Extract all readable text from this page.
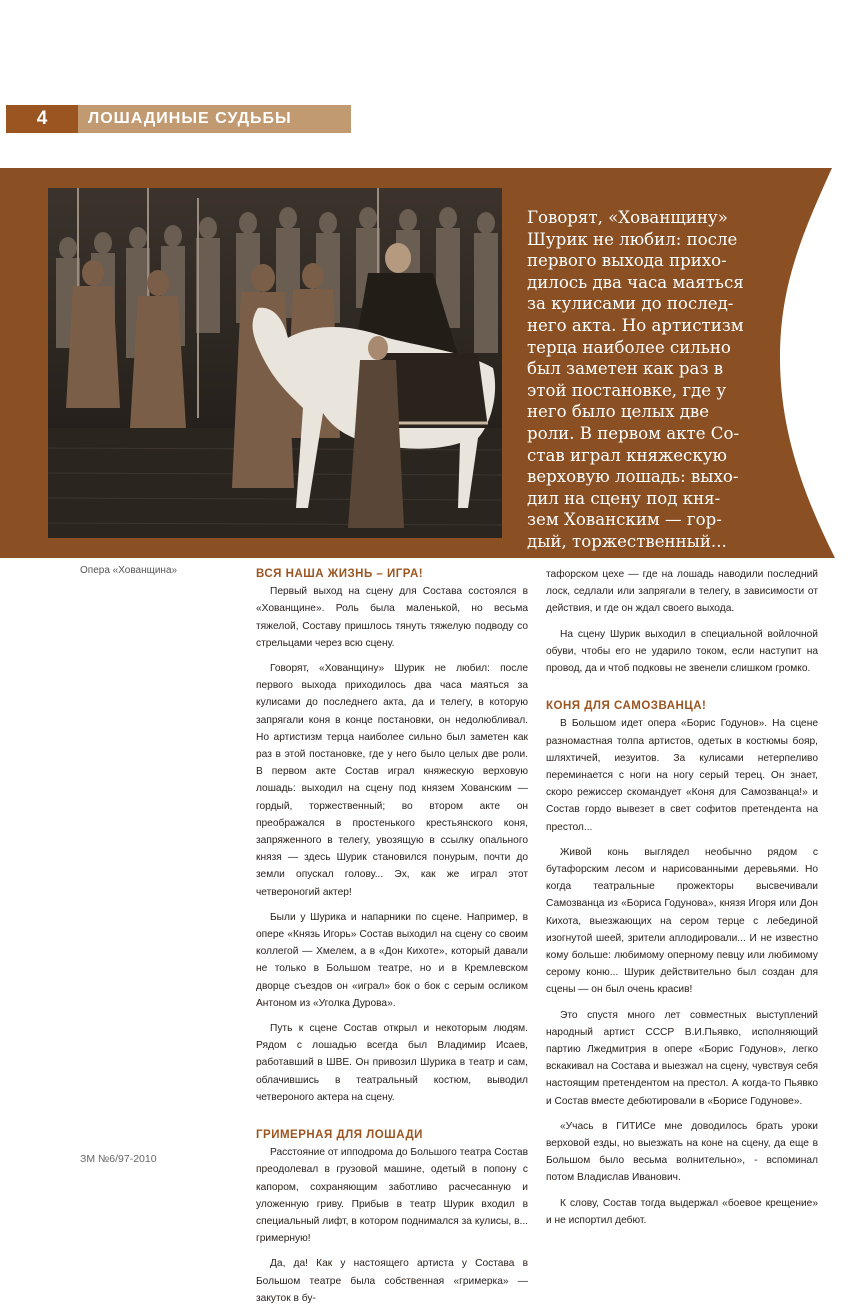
4	ЛОШАДИНЫЕ СУДЬБЫ
Говорят, «Хованщину»
Шурик не любил: после
первого выхода прихо-
дилось два часа маяться
за кулисами до послед-
него акта. Но артистизм
терца наиболее сильно
был заметен как раз в
этой постановке, где у
него было целых две
роли. В первом акте Со-
став играл княжескую
верховую лошадь: выхо-
дил на сцену под кня-
зем Хованским — гор-
дый, торжественный...
Опера «Хованщина»	ВСЯ НАША ЖИЗНЬ – ИГРА!

Первый выход на сцену для Состава состоялся в «Хованщине». Роль была маленькой, но весьма тяжелой, Составу пришлось тянуть тяжелую подводу со стрельцами через всю сцену.

Говорят, «Хованщину» Шурик не любил: после первого выхода приходилось два часа маяться за кулисами до последнего акта, да и телегу, в которую запрягали коня в конце постановки, он недолюбливал. Но артистизм терца наиболее сильно был заметен как раз в этой постановке, где у него было целых две роли. В первом акте Состав играл княжескую верховую лошадь: выходил на сцену под князем Хованским — гордый, торжественный; во втором акте он преображался в простенького крестьянского коня, запряженного в телегу, увозящую в ссылку опального князя — здесь Шурик становился понурым, почти до земли опускал голову... Эх, как же играл этот четвероногий актер!

Были у Шурика и напарники по сцене. Например, в опере «Князь Игорь» Состав выходил на сцену со своим коллегой — Хмелем, а в «Дон Кихоте», который давали не только в Большом театре, но и в Кремлевском дворце съездов он «играл» бок о бок с серым осликом Антоном из «Уголка Дурова».

Путь к сцене Состав открыл и некоторым людям. Рядом с лошадью всегда был Владимир Исаев, работавший в ШВЕ. Он привозил Шурика в театр и сам, облачившись в театральный костюм, выводил четвероного актера на сцену.

ГРИМЕРНАЯ ДЛЯ ЛОШАДИ

Расстояние от ипподрома до Большого театра Состав преодолевал в грузовой машине, одетый в попону с капором, сохраняющим заботливо расчесанную и уложенную гриву. Прибыв в театр Шурик входил в специальный лифт, в котором поднимался за кулисы, в... гримерную!

Да, да! Как у настоящего артиста у Состава в Большом театре была собственная «гримерка» — закуток в бу-

тафорском цехе — где на лошадь наводили последний лоск, седлали или запрягали в телегу, в зависимости от действия, и где он ждал своего выхода.

На сцену Шурик выходил в специальной войлочной обуви, чтобы его не ударило током, если наступит на провод, да и чтоб подковы не звенели слишком громко.

КОНЯ ДЛЯ САМОЗВАНЦА!

В Большом идет опера «Борис Годунов». На сцене разномастная толпа артистов, одетых в костюмы бояр, шляхтичей, иезуитов. За кулисами нетерпеливо переминается с ноги на ногу серый терец. Он знает, скоро режиссер скомандует «Коня для Самозванца!» и Состав гордо вывезет в свет софитов претендента на престол...

Живой конь выглядел необычно рядом с бутафорским лесом и нарисованными деревьями. Но когда театральные прожекторы высвечивали Самозванца из «Бориса Годунова», князя Игоря или Дон Кихота, выезжающих на сером терце с лебединой изогнутой шеей, зрители аплодировали... И не известно кому больше: любимому оперному певцу или любимому серому коню... Шурик действительно был создан для сцены — он был очень красив!

Это спустя много лет совместных выступлений народный артист СССР В.И.Пьявко, исполняющий партию Лжедмитрия в опере «Борис Годунов», легко вскакивал на Состава и выезжал на сцену, чувствуя себя настоящим претендентом на престол. А когда-то Пьявко и Состав вместе дебютировали в «Борисе Годунове».

«Учась в ГИТИСе мне доводилось брать уроки верховой езды, но выезжать на коне на сцену, да еще в Большом было весьма волнительно», - вспоминал потом Владислав Иванович.

К слову, Состав тогда выдержал «боевое крещение» и не испортил дебют.

ЗМ №6/97-2010
